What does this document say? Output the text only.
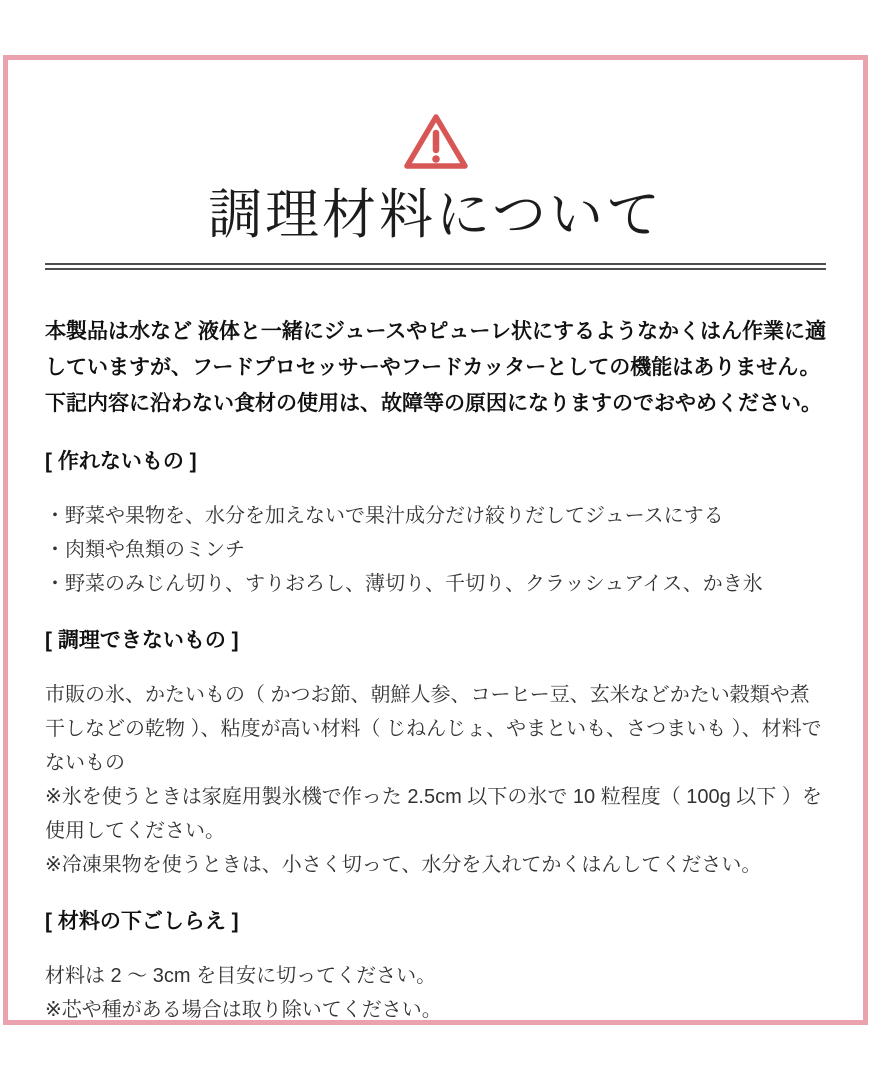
調理材料について
本製品は水など 液体と一緒にジュースやピューレ状にするようなかくはん作業に適していますが、フードプロセッサーやフードカッターとしての機能はありません。下記内容に沿わない食材の使用は、故障等の原因になりますのでおやめください。
[ 作れないもの ]
・野菜や果物を、水分を加えないで果汁成分だけ絞りだしてジュースにする
・肉類や魚類のミンチ
・野菜のみじん切り、すりおろし、薄切り、千切り、クラッシュアイス、かき氷
[ 調理できないもの ]
市販の氷、かたいもの（ かつお節、朝鮮人参、コーヒー豆、玄米などかたい穀類や煮干しなどの乾物 ）、粘度が高い材料（ じねんじょ、やまといも、さつまいも ）、材料でないもの
※氷を使うときは家庭用製氷機で作った 2.5cm 以下の氷で 10 粒程度（ 100g 以下 ）を使用してください。
※冷凍果物を使うときは、小さく切って、水分を入れてかくはんしてください。
[ 材料の下ごしらえ ]
材料は 2 ～ 3cm を目安に切ってください。
※芯や種がある場合は取り除いてください。
